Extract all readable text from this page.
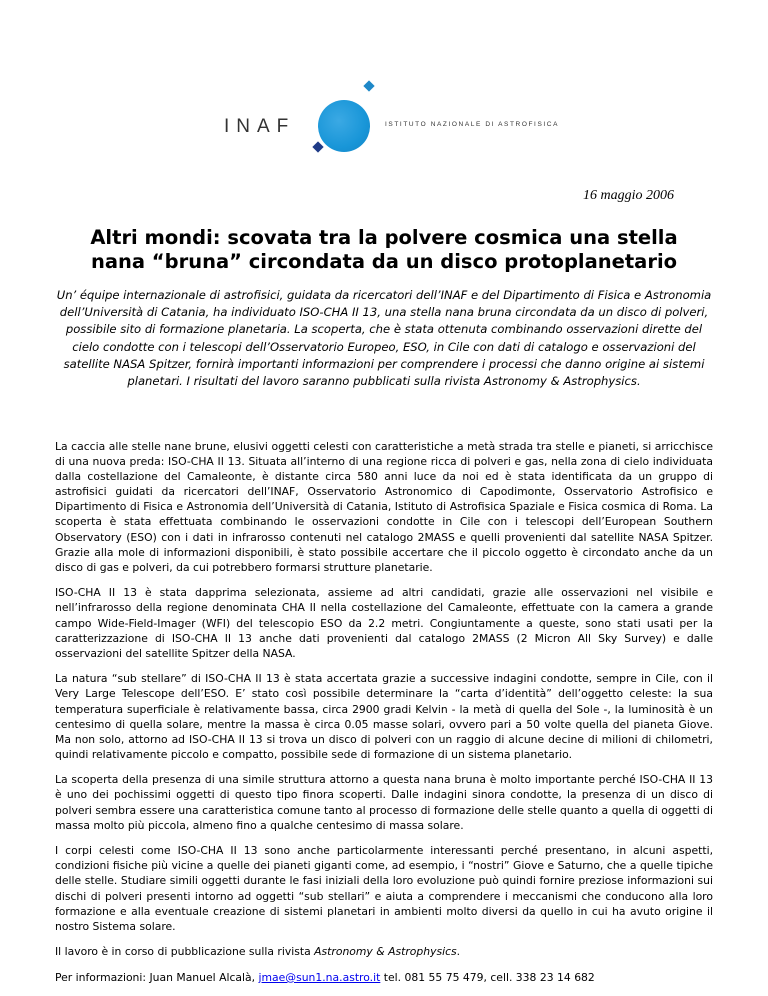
INAF	ISTITUTO NAZIONALE DI ASTROFISICA
16 maggio 2006
Altri mondi: scovata tra la polvere cosmica una stella nana “bruna” circondata da un disco protoplanetario

Un’ équipe internazionale di astrofisici, guidata da ricercatori dell’INAF e del Dipartimento di Fisica e Astronomia dell’Università di Catania, ha individuato ISO-CHA II 13, una stella nana bruna circondata da un disco di polveri, possibile sito di formazione planetaria. La scoperta, che è stata ottenuta combinando osservazioni dirette del cielo condotte con i telescopi dell’Osservatorio Europeo, ESO, in Cile con dati di catalogo e osservazioni del satellite NASA Spitzer, fornirà importanti informazioni per comprendere i processi che danno origine ai sistemi planetari. I risultati del lavoro saranno pubblicati sulla rivista Astronomy & Astrophysics.

La caccia alle stelle nane brune, elusivi oggetti celesti con caratteristiche a metà strada tra stelle e pianeti, si arricchisce di una nuova preda: ISO-CHA II 13. Situata all’interno di una regione ricca di polveri e gas, nella zona di cielo individuata dalla costellazione del Camaleonte, è distante circa 580 anni luce da noi ed è stata identificata da un gruppo di astrofisici guidati da ricercatori dell’INAF, Osservatorio Astronomico di Capodimonte, Osservatorio Astrofisico e Dipartimento di Fisica e Astronomia dell’Università di Catania, Istituto di Astrofisica Spaziale e Fisica cosmica di Roma. La scoperta è stata effettuata combinando le osservazioni condotte in Cile con i telescopi dell’European Southern Observatory (ESO) con i dati in infrarosso contenuti nel catalogo 2MASS e quelli provenienti dal satellite NASA Spitzer. Grazie alla mole di informazioni disponibili, è stato possibile accertare che il piccolo oggetto è circondato anche da un disco di gas e polveri, da cui potrebbero formarsi strutture planetarie.

ISO-CHA II 13 è stata dapprima selezionata, assieme ad altri candidati, grazie alle osservazioni nel visibile e nell’infrarosso della regione denominata CHA II nella costellazione del Camaleonte, effettuate con la camera a grande campo Wide-Field-Imager (WFI) del telescopio ESO da 2.2 metri. Congiuntamente a queste, sono stati usati per la caratterizzazione di ISO-CHA II 13 anche dati provenienti dal catalogo 2MASS (2 Micron All Sky Survey) e dalle osservazioni del satellite Spitzer della NASA.

La natura “sub stellare” di ISO-CHA II 13 è stata accertata grazie a successive indagini condotte, sempre in Cile, con il Very Large Telescope dell’ESO. E’ stato così possibile determinare la “carta d’identità” dell’oggetto celeste: la sua temperatura superficiale è relativamente bassa, circa 2900 gradi Kelvin - la metà di quella del Sole -, la luminosità è un centesimo di quella solare, mentre la massa è circa 0.05 masse solari, ovvero pari a 50 volte quella del pianeta Giove. Ma non solo, attorno ad ISO-CHA II 13 si trova un disco di polveri con un raggio di alcune decine di milioni di chilometri, quindi relativamente piccolo e compatto, possibile sede di formazione di un sistema planetario.

La scoperta della presenza di una simile struttura attorno a questa nana bruna è molto importante perché ISO-CHA II 13 è uno dei pochissimi oggetti di questo tipo finora scoperti. Dalle indagini sinora condotte, la presenza di un disco di polveri sembra essere una caratteristica comune tanto al processo di formazione delle stelle quanto a quella di oggetti di massa molto più piccola, almeno fino a qualche centesimo di massa solare.

I corpi celesti come ISO-CHA II 13 sono anche particolarmente interessanti perché presentano, in alcuni aspetti, condizioni fisiche più vicine a quelle dei pianeti giganti come, ad esempio, i “nostri” Giove e Saturno, che a quelle tipiche delle stelle. Studiare simili oggetti durante le fasi iniziali della loro evoluzione può quindi fornire preziose informazioni sui dischi di polveri presenti intorno ad oggetti “sub stellari” e aiuta a comprendere i meccanismi che conducono alla loro formazione e alla eventuale creazione di sistemi planetari in ambienti molto diversi da quello in cui ha avuto origine il nostro Sistema solare.

Il lavoro è in corso di pubblicazione sulla rivista Astronomy & Astrophysics.

Per informazioni: Juan Manuel Alcalà, jmae@sun1.na.astro.it tel. 081 55 75 479, cell. 338 23 14 682
